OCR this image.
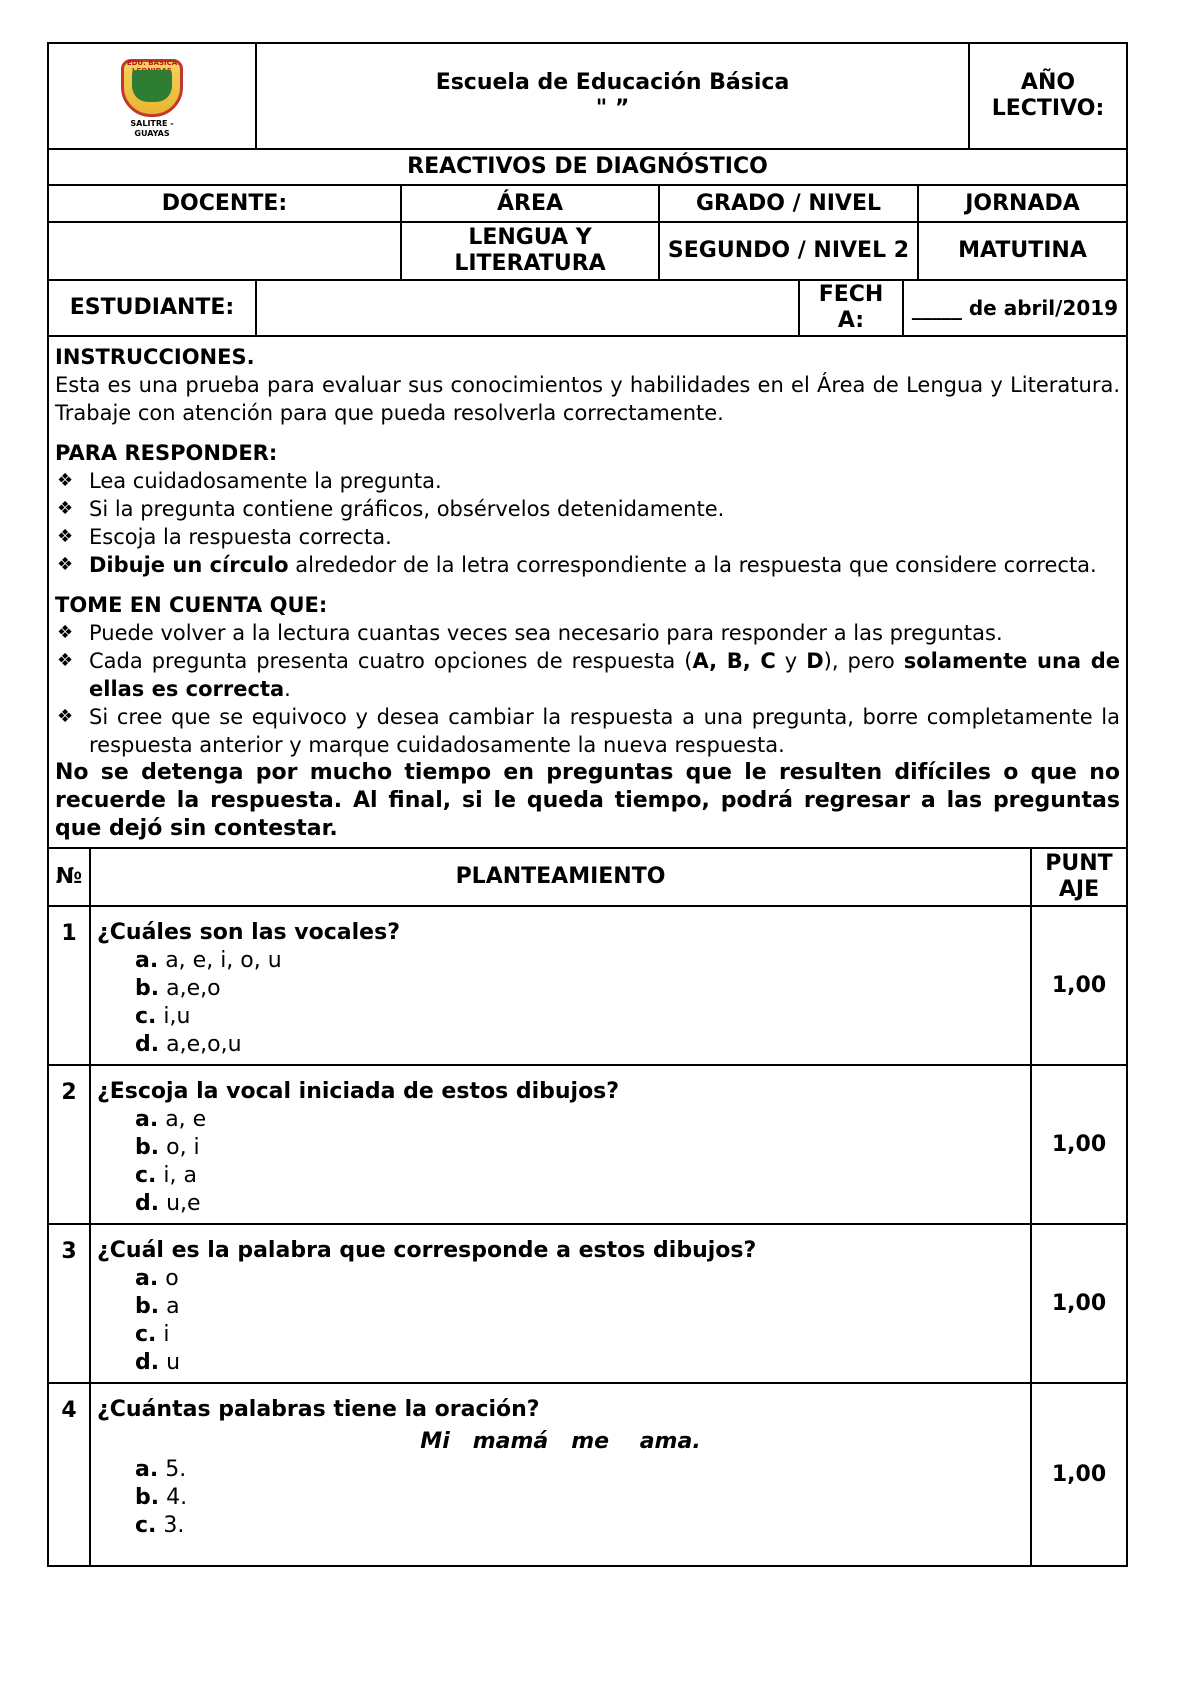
EDU. BASICA
SALITRE - GUAYAS

Escuela de Educación Básica
" ”
	AÑO LECTIVO:
REACTIVOS DE DIAGNÓSTICO
DOCENTE:	ÁREA	GRADO / NIVEL	JORNADA
	LENGUA Y LITERATURA	SEGUNDO / NIVEL 2	MATUTINA
ESTUDIANTE:		FECH A:	_____ de abril/2019

INSTRUCCIONES.

Esta es una prueba para evaluar sus conocimientos y habilidades en el Área de Lengua y Literatura. Trabaje con atención para que pueda resolverla correctamente.

PARA RESPONDER:

❖ Lea cuidadosamente la pregunta.
❖ Si la pregunta contiene gráficos, obsérvelos detenidamente.
❖ Escoja la respuesta correcta.
❖ Dibuje un círculo alrededor de la letra correspondiente a la respuesta que considere correcta.

TOME EN CUENTA QUE:

❖ Puede volver a la lectura cuantas veces sea necesario para responder a las preguntas.
❖ Cada pregunta presenta cuatro opciones de respuesta (A, B, C y D), pero solamente una de ellas es correcta.
❖ Si cree que se equivoco y desea cambiar la respuesta a una pregunta, borre completamente la respuesta anterior y marque cuidadosamente la nueva respuesta.

No se detenga por mucho tiempo en preguntas que le resulten difíciles o que no recuerde la respuesta. Al final, si le queda tiempo, podrá regresar a las preguntas que dejó sin contestar.

№	PLANTEAMIENTO	PUNT AJE
1	¿Cuáles son las vocales?
a. a, e, i, o, u
b. a,e,o
c. i,u
d. a,e,o,u	1,00
2	¿Escoja la vocal iniciada de estos dibujos?
a. a, e
b. o, i
c. i, a
d. u,e	1,00
3	¿Cuál es la palabra que corresponde a estos dibujos?
a. o
b. a
c. i
d. u	1,00
4	¿Cuántas palabras tiene la oración?
Mi   mamá   me    ama.
a. 5.
b. 4.
c. 3.	1,00
